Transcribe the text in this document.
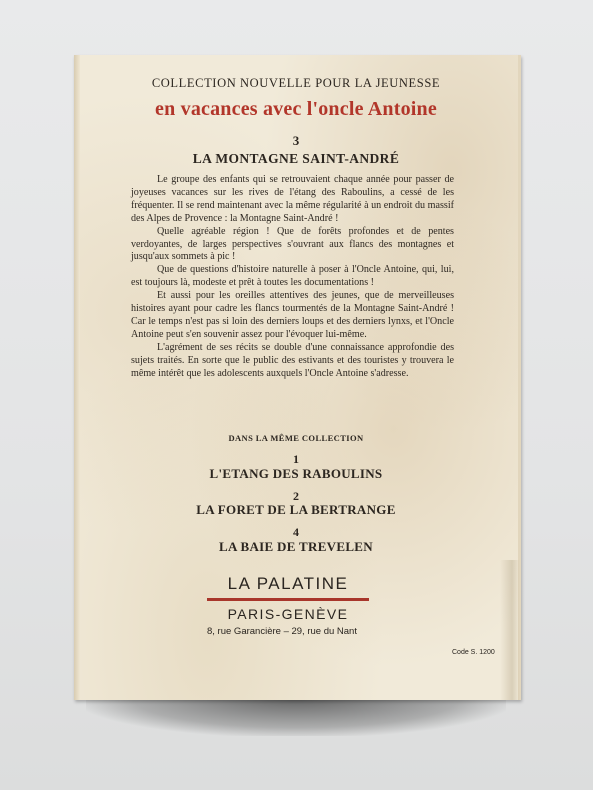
COLLECTION NOUVELLE POUR LA JEUNESSE
en vacances avec l'oncle Antoine
3
LA MONTAGNE SAINT-ANDRÉ

Le groupe des enfants qui se retrouvaient chaque année pour passer de joyeuses vacances sur les rives de l'étang des Raboulins, a cessé de les fréquenter. Il se rend maintenant avec la même régularité à un endroit du massif des Alpes de Provence : la Montagne Saint-André !

Quelle agréable région ! Que de forêts profondes et de pentes verdoyantes, de larges perspectives s'ouvrant aux flancs des montagnes et jusqu'aux sommets à pic !

Que de questions d'histoire naturelle à poser à l'Oncle Antoine, qui, lui, est toujours là, modeste et prêt à toutes les documentations !

Et aussi pour les oreilles attentives des jeunes, que de merveilleuses histoires ayant pour cadre les flancs tourmentés de la Montagne Saint-André ! Car le temps n'est pas si loin des derniers loups et des derniers lynxs, et l'Oncle Antoine peut s'en souvenir assez pour l'évoquer lui-même.

L'agrément de ses récits se double d'une connaissance approfondie des sujets traités. En sorte que le public des estivants et des touristes y trouvera le même intérêt que les adolescents auxquels l'Oncle Antoine s'adresse.

DANS LA MÊME COLLECTION
1
L'ETANG DES RABOULINS
2
LA FORET DE LA BERTRANGE
4
LA BAIE DE TREVELEN
LA PALATINE
PARIS-GENÈVE
8, rue Garancière – 29, rue du Nant
Code S. 1200
